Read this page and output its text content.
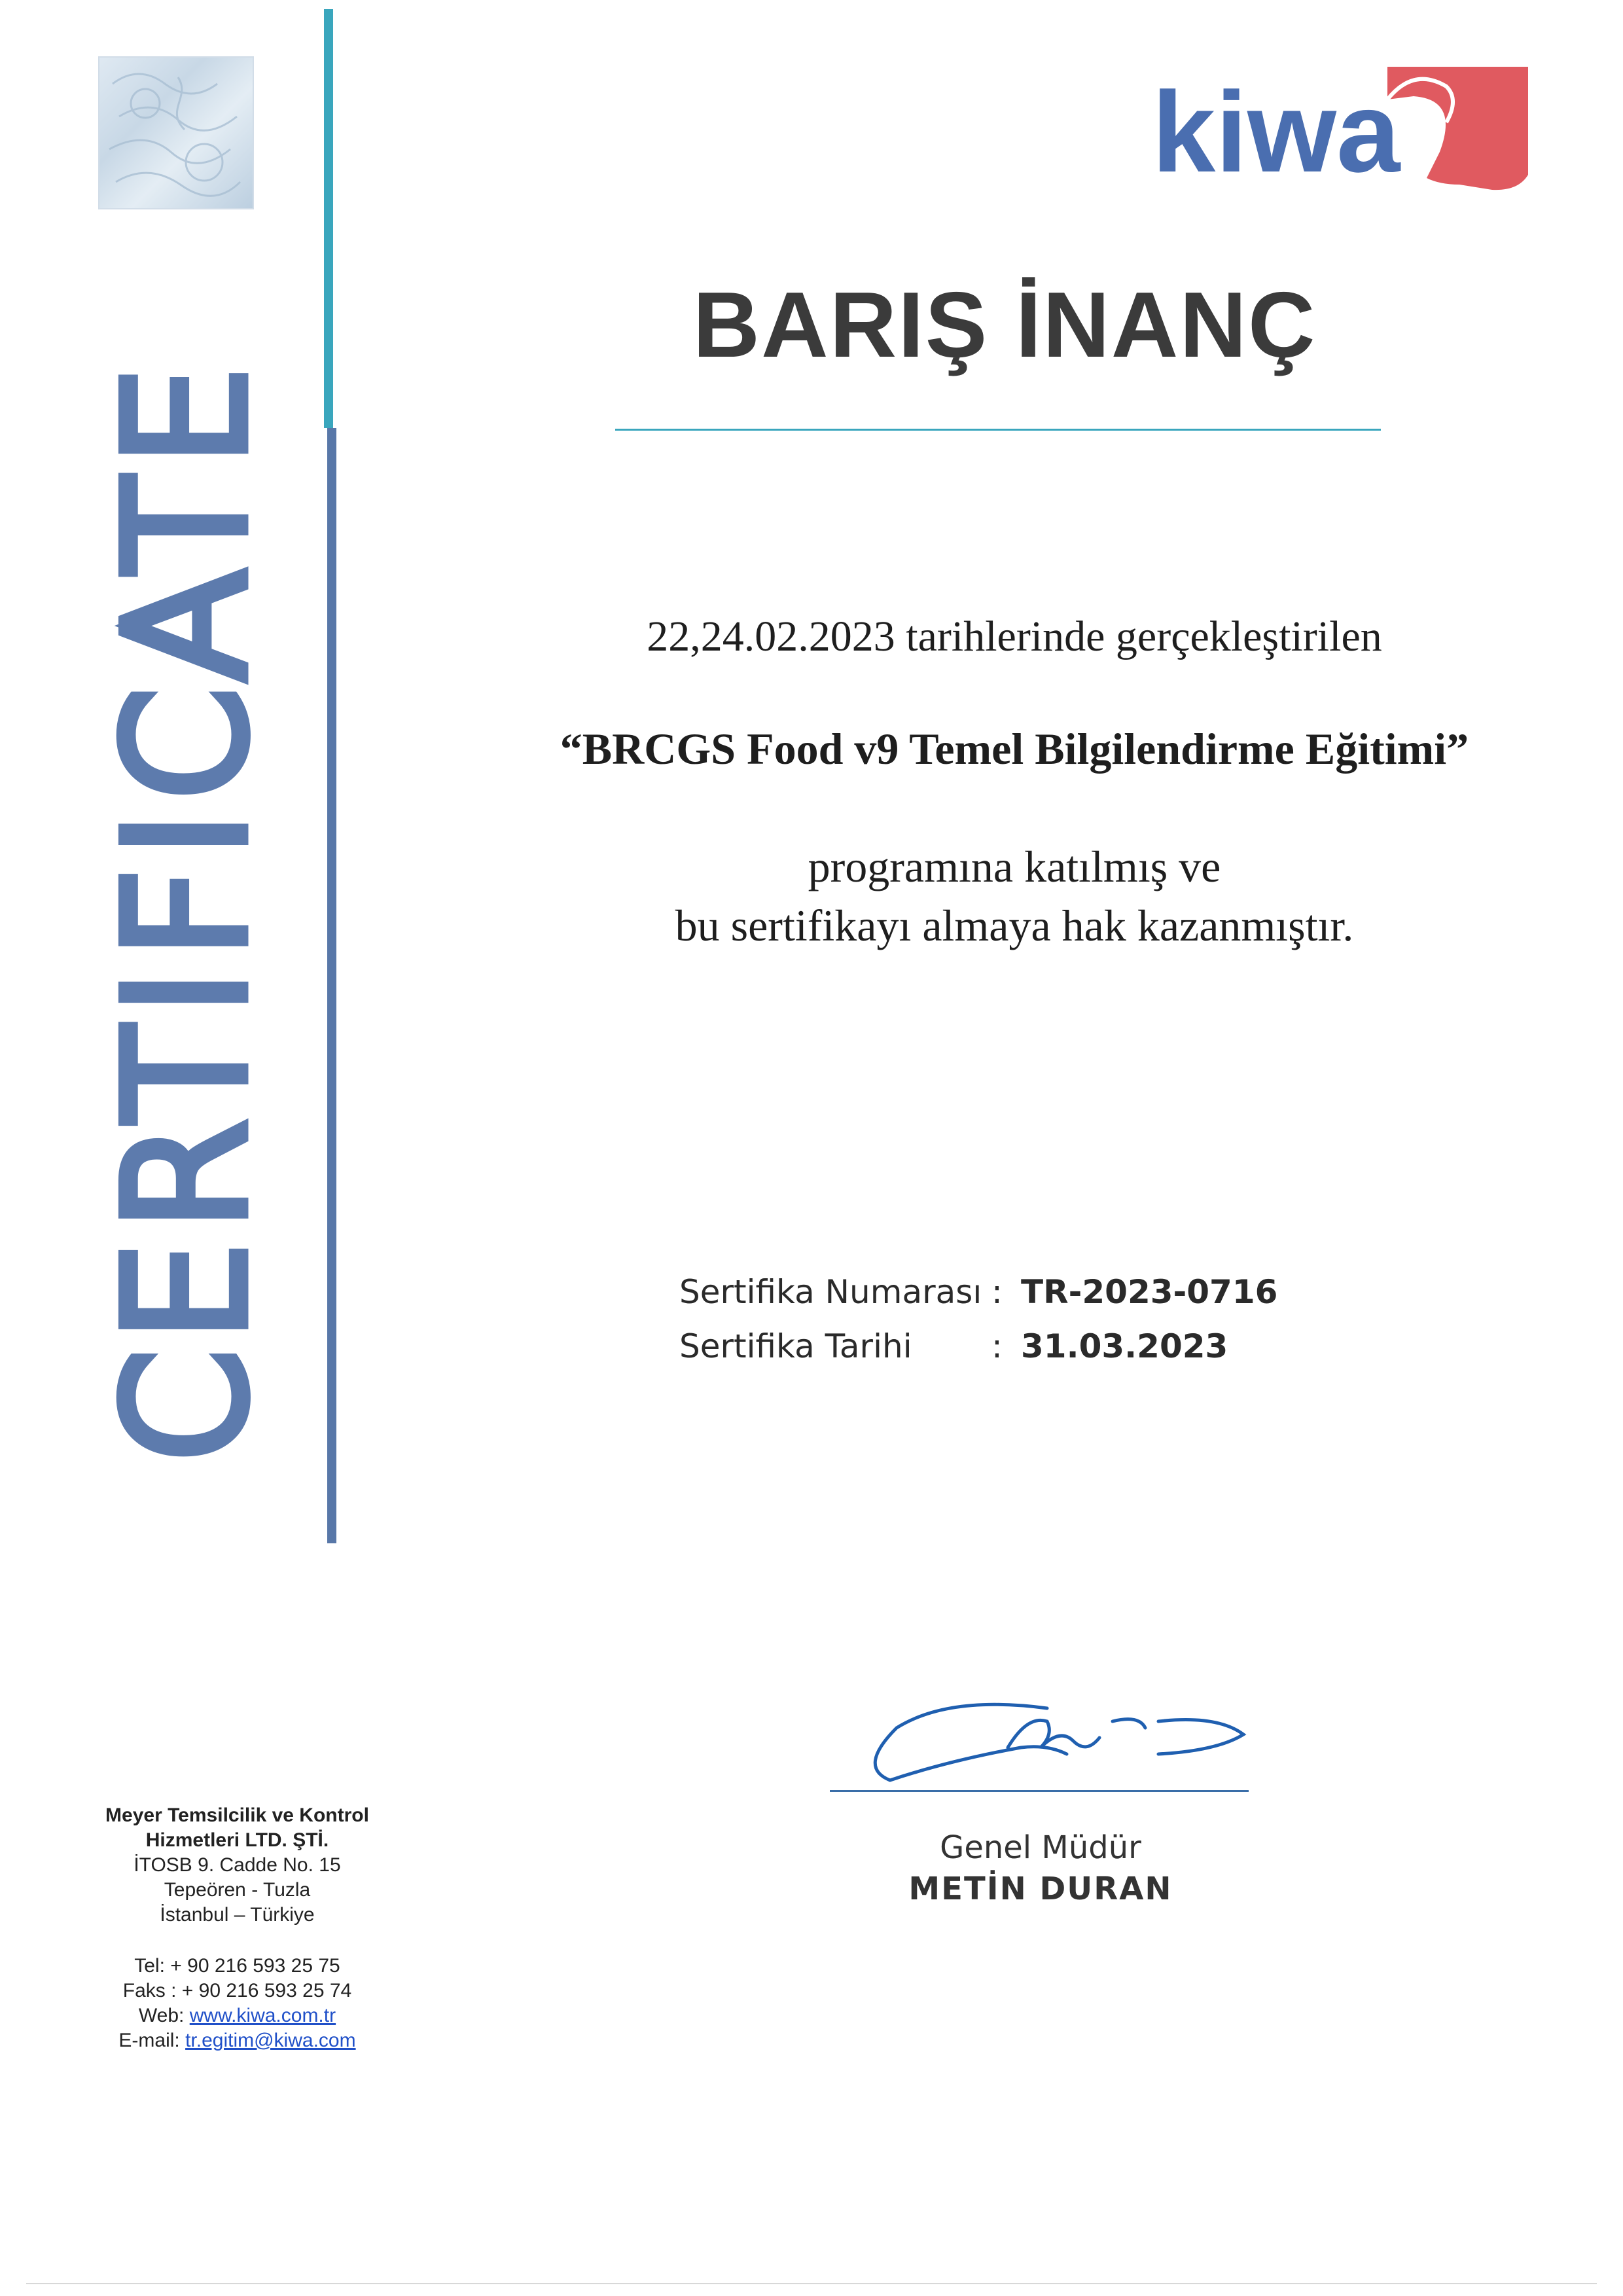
CERTIFICATE
kiwa
BARIŞ İNANÇ
22,24.02.2023 tarihlerinde gerçekleştirilen
“BRCGS Food v9 Temel Bilgilendirme Eğitimi”
programına katılmış ve
bu sertifikayı almaya hak kazanmıştır.
Sertifika Numarası : TR-2023-0716
Sertifika Tarihi : 31.03.2023
Genel Müdür
METİN DURAN
Meyer Temsilcilik ve Kontrol
Hizmetleri LTD. ŞTİ.
İTOSB 9. Cadde No. 15
Tepeören - Tuzla
İstanbul – Türkiye
Tel: + 90 216 593 25 75
Faks : + 90 216 593 25 74
Web: www.kiwa.com.tr
E-mail: tr.egitim@kiwa.com
